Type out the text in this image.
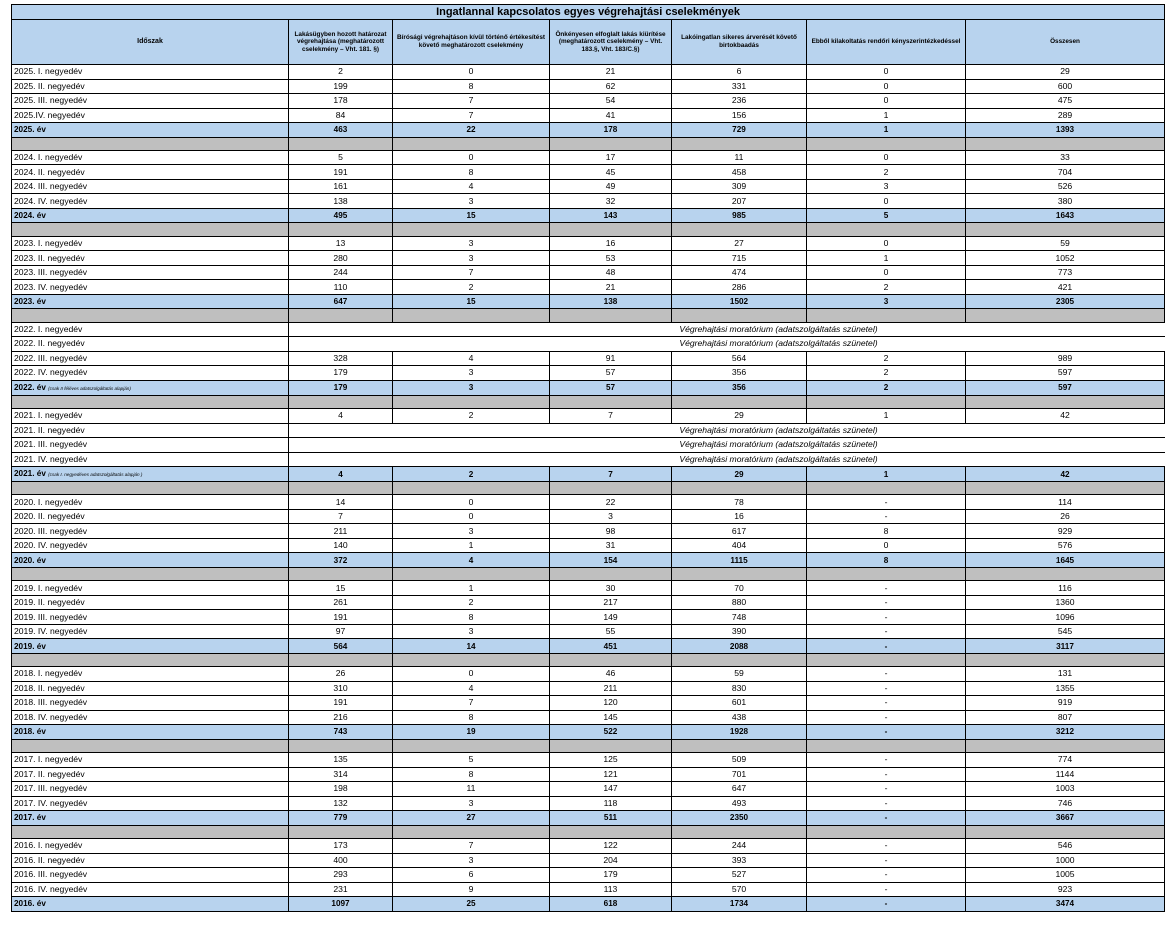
Ingatlannal kapcsolatos egyes végrehajtási cselekmények						
Időszak	Lakásügyben hozott határozat végrehajtása (meghatározott cselekmény – Vht. 181. §)	Bírósági végrehajtáson kívül történő értékesítést követő meghatározott cselekmény	Önkényesen elfoglalt lakás kiürítése (meghatározott cselekmény – Vht. 183.§, Vht. 183/C.§)	Lakóingatlan sikeres árverését követő birtokbaadás	Ebből kilakoltatás rendőri kényszerintézkedéssel	Összesen
2025. I. negyedév	2	0	21	6	0	29
2025. II. negyedév	199	8	62	331	0	600
2025. III. negyedév	178	7	54	236	0	475
2025.IV. negyedév	84	7	41	156	1	289
2025. év	463	22	178	729	1	1393

2024. I. negyedév	5	0	17	11	0	33
2024. II. negyedév	191	8	45	458	2	704
2024. III. negyedév	161	4	49	309	3	526
2024. IV. negyedév	138	3	32	207	0	380
2024. év	495	15	143	985	5	1643

2023. I. negyedév	13	3	16	27	0	59
2023. II. negyedév	280	3	53	715	1	1052
2023. III. negyedév	244	7	48	474	0	773
2023. IV. negyedév	110	2	21	286	2	421
2023. év	647	15	138	1502	3	2305

2022. I. negyedév		Végrehajtási moratórium (adatszolgáltatás szünetel)				
2022. II. negyedév		Végrehajtási moratórium (adatszolgáltatás szünetel)				
2022. III. negyedév	328	4	91	564	2	989
2022. IV. negyedév	179	3	57	356	2	597
2022. év (csak II féléves adatszolgáltatás alapján)	179	3	57	356	2	597

2021. I. negyedév	4	2	7	29	1	42
2021. II. negyedév		Végrehajtási moratórium (adatszolgáltatás szünetel)				
2021. III. negyedév		Végrehajtási moratórium (adatszolgáltatás szünetel)				
2021. IV. negyedév		Végrehajtási moratórium (adatszolgáltatás szünetel)				
2021. év (csak I. negyedéves adatszolgáltatás alapján )	4	2	7	29	1	42

2020. I. negyedév	14	0	22	78	-	114
2020. II. negyedév	7	0	3	16	-	26
2020. III. negyedév	211	3	98	617	8	929
2020. IV. negyedév	140	1	31	404	0	576
2020. év	372	4	154	1115	8	1645

2019. I. negyedév	15	1	30	70	-	116
2019. II. negyedév	261	2	217	880	-	1360
2019. III. negyedév	191	8	149	748	-	1096
2019. IV. negyedév	97	3	55	390	-	545
2019. év	564	14	451	2088	-	3117

2018. I. negyedév	26	0	46	59	-	131
2018. II. negyedév	310	4	211	830	-	1355
2018. III. negyedév	191	7	120	601	-	919
2018. IV. negyedév	216	8	145	438	-	807
2018. év	743	19	522	1928	-	3212

2017. I. negyedév	135	5	125	509	-	774
2017. II. negyedév	314	8	121	701	-	1144
2017. III. negyedév	198	11	147	647	-	1003
2017. IV. negyedév	132	3	118	493	-	746
2017. év	779	27	511	2350	-	3667

2016. I. negyedév	173	7	122	244	-	546
2016. II. negyedév	400	3	204	393	-	1000
2016. III. negyedév	293	6	179	527	-	1005
2016. IV. negyedév	231	9	113	570	-	923
2016. év	1097	25	618	1734	-	3474
